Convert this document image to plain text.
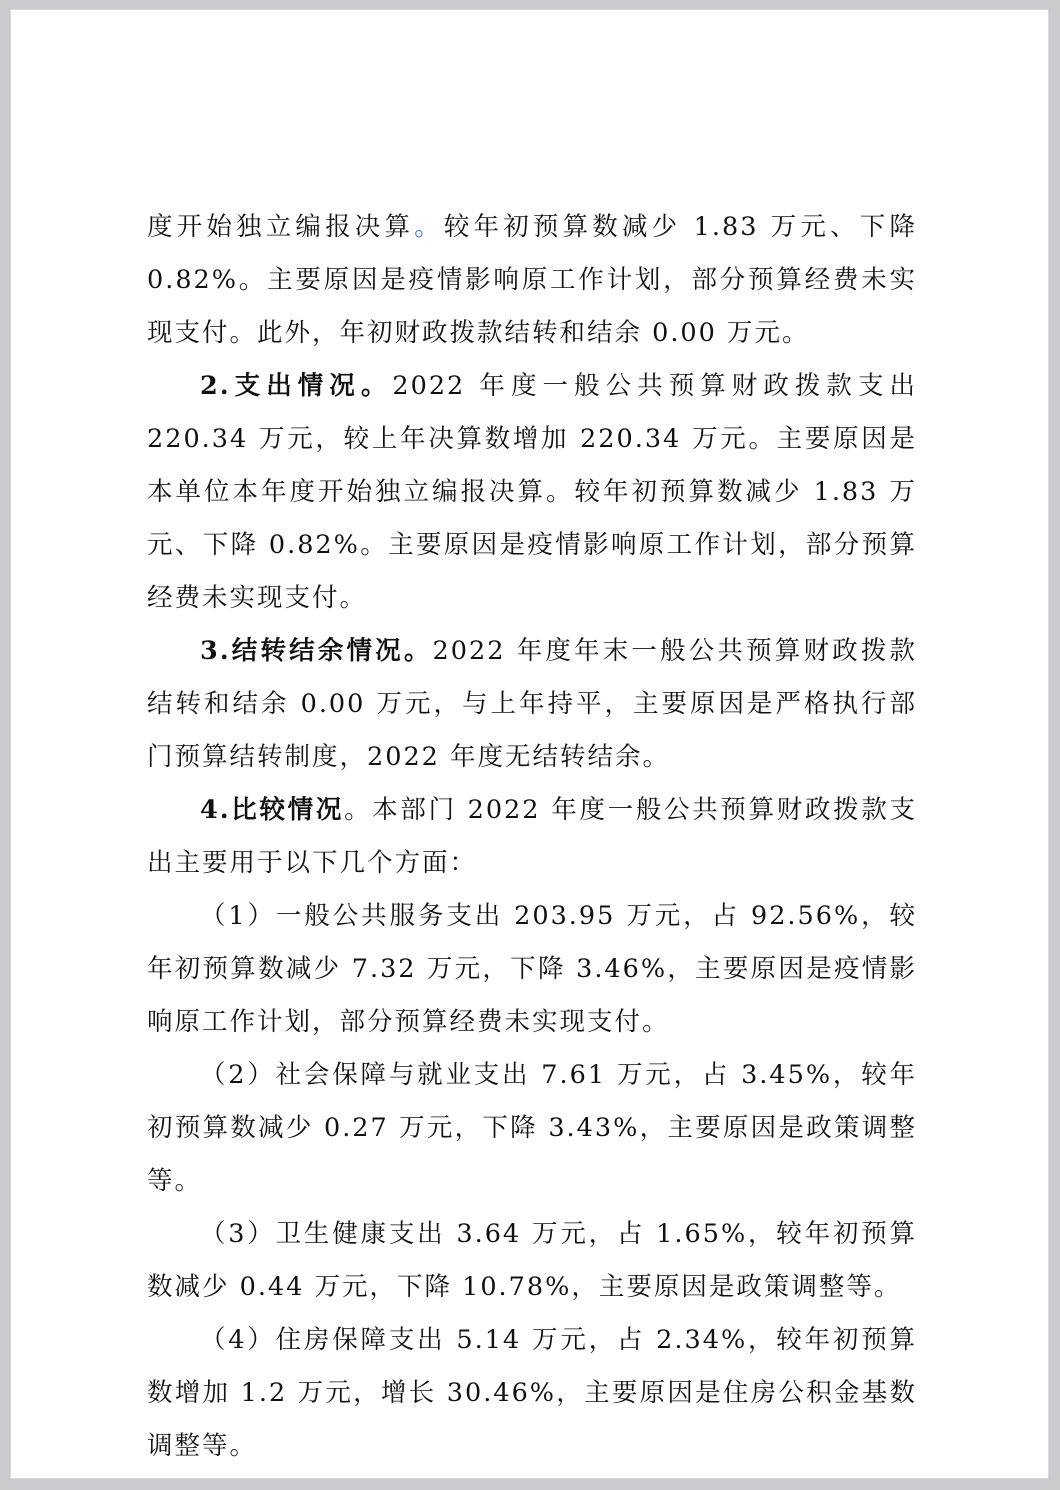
度开始独立编报决算。较年初预算数减少 1.83 万元、下降 0.82%。主要原因是疫情影响原工作计划，部分预算经费未实现支付。此外，年初财政拨款结转和结余 0.00 万元。

2.支出情况。2022 年度一般公共预算财政拨款支出 220.34 万元，较上年决算数增加 220.34 万元。主要原因是本单位本年度开始独立编报决算。较年初预算数减少 1.83 万元、下降 0.82%。主要原因是疫情影响原工作计划，部分预算经费未实现支付。

3.结转结余情况。2022 年度年末一般公共预算财政拨款结转和结余 0.00 万元，与上年持平，主要原因是严格执行部门预算结转制度，2022 年度无结转结余。

4.比较情况。本部门 2022 年度一般公共预算财政拨款支出主要用于以下几个方面：

（1）一般公共服务支出 203.95 万元，占 92.56%，较年初预算数减少 7.32 万元，下降 3.46%，主要原因是疫情影响原工作计划，部分预算经费未实现支付。

（2）社会保障与就业支出 7.61 万元，占 3.45%，较年初预算数减少 0.27 万元，下降 3.43%，主要原因是政策调整等。

（3）卫生健康支出 3.64 万元，占 1.65%，较年初预算数减少 0.44 万元，下降 10.78%，主要原因是政策调整等。

（4）住房保障支出 5.14 万元，占 2.34%，较年初预算数增加 1.2 万元，增长 30.46%，主要原因是住房公积金基数调整等。
